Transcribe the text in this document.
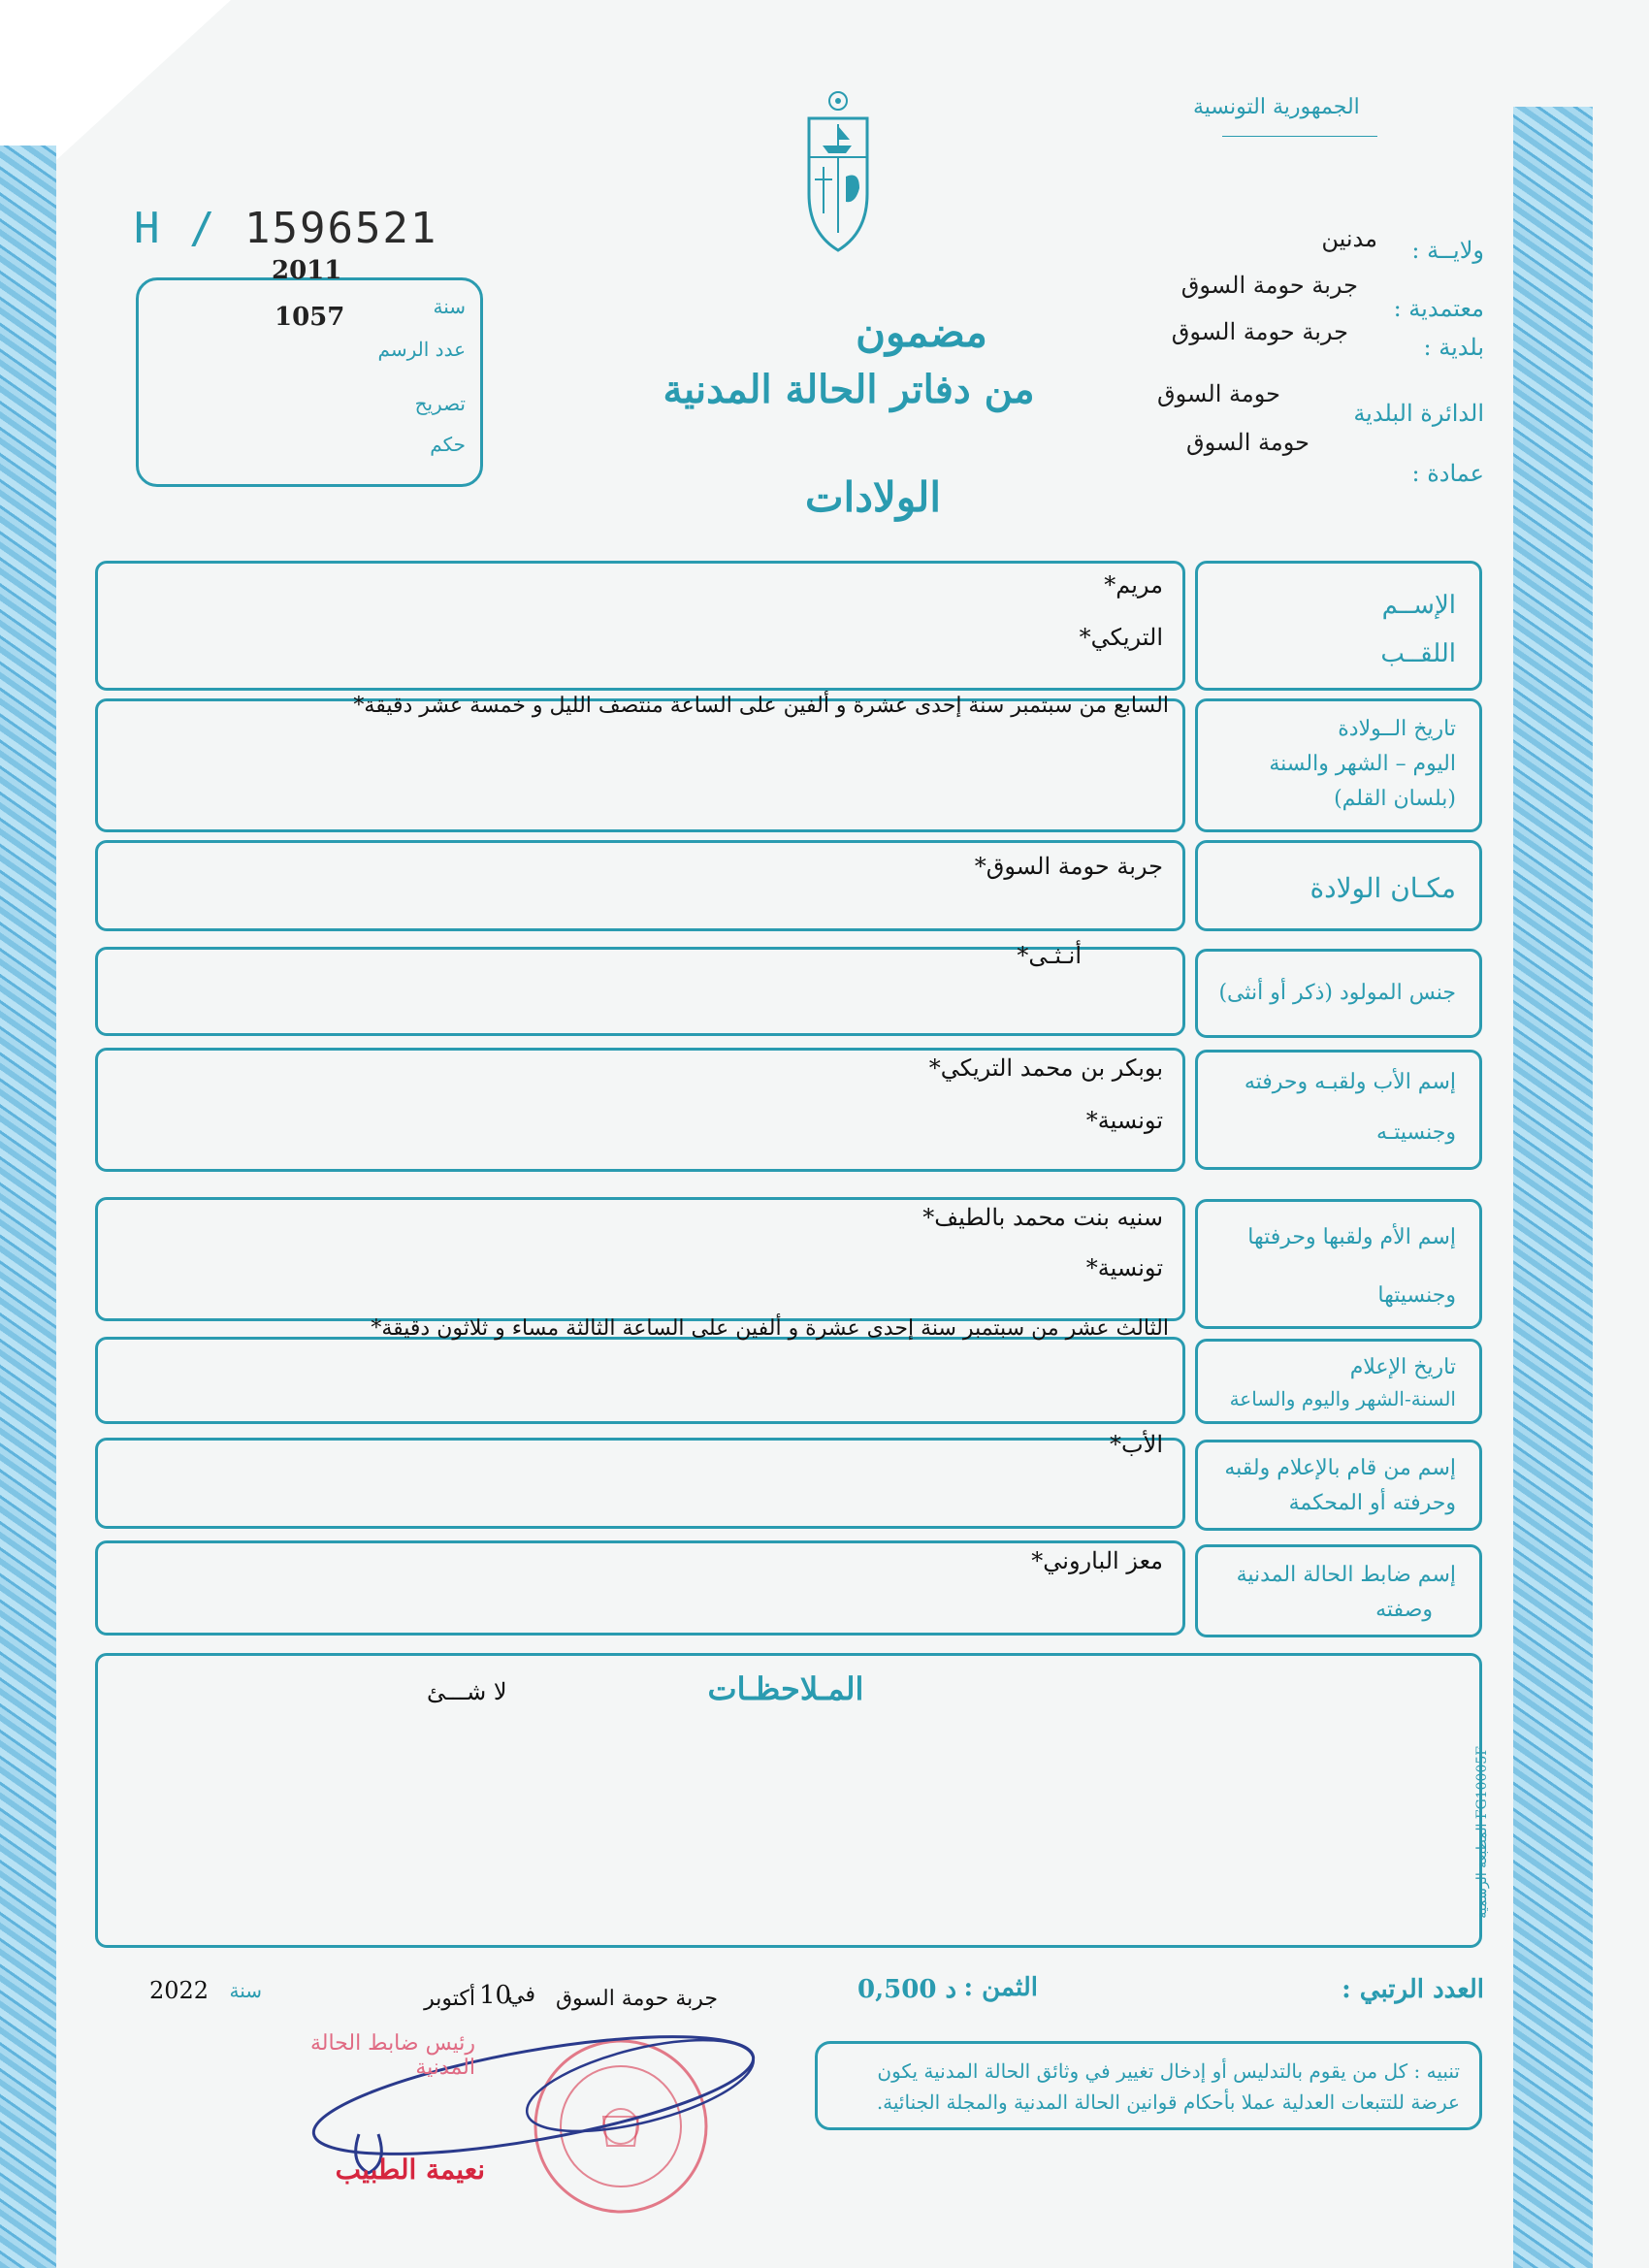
الجمهورية التونسية
H / 1596521
2011
1057	سنة
عدد الرسم
تصريح
حكم
ولايــة :
مدنين
معتمدية :
جربة حومة السوق
بلدية :
جربة حومة السوق
الدائرة البلدية
حومة السوق
عمادة :
حومة السوق
مضمون
من دفاتر الحالة المدنية
الولادات
الإســم
اللقــب
مريم*
التريكي*
تاريخ الــولادة
اليوم – الشهر والسنة
(بلسان القلم)
السابع من سبتمبر سنة إحدى عشرة و ألفين على الساعة منتصف الليل و خمسة عشر دقيقة*
مكـان الولادة
جربة حومة السوق*
جنس المولود (ذكر أو أنثى)
أنـثـى*
إسم الأب ولقبـه وحرفته
وجنسيتـه
بوبكر بن محمد التريكي*
تونسية*
إسم الأم ولقبها وحرفتها
وجنسيتها
سنيه بنت محمد بالطيف*
تونسية*
تاريخ الإعلام
السنة-الشهر واليوم والساعة
الثالث عشر من سبتمبر سنة إحدى عشرة و ألفين على الساعة الثالثة مساء و ثلاثون دقيقة*
إسم من قام بالإعلام ولقبه
وحرفته أو المحكمة
الأب*
إسم ضابط الحالة المدنية
وصفته
معز الباروني*
المـلاحظـات
لا شـــئ
المطبعة الرسمية FG10005F
العدد الرتبي :
الثمن :
0,500 د
جربة حومة السوق
في
10
أكتوبر
سنة
2022
تنبيه : كل من يقوم بالتدليس أو إدخال تغيير في وثائق الحالة المدنية يكون عرضة للتتبعات العدلية عملا بأحكام قوانين الحالة المدنية والمجلة الجنائية.
رئيس ضابط الحالة المدنية
نعيمة الطبيب
